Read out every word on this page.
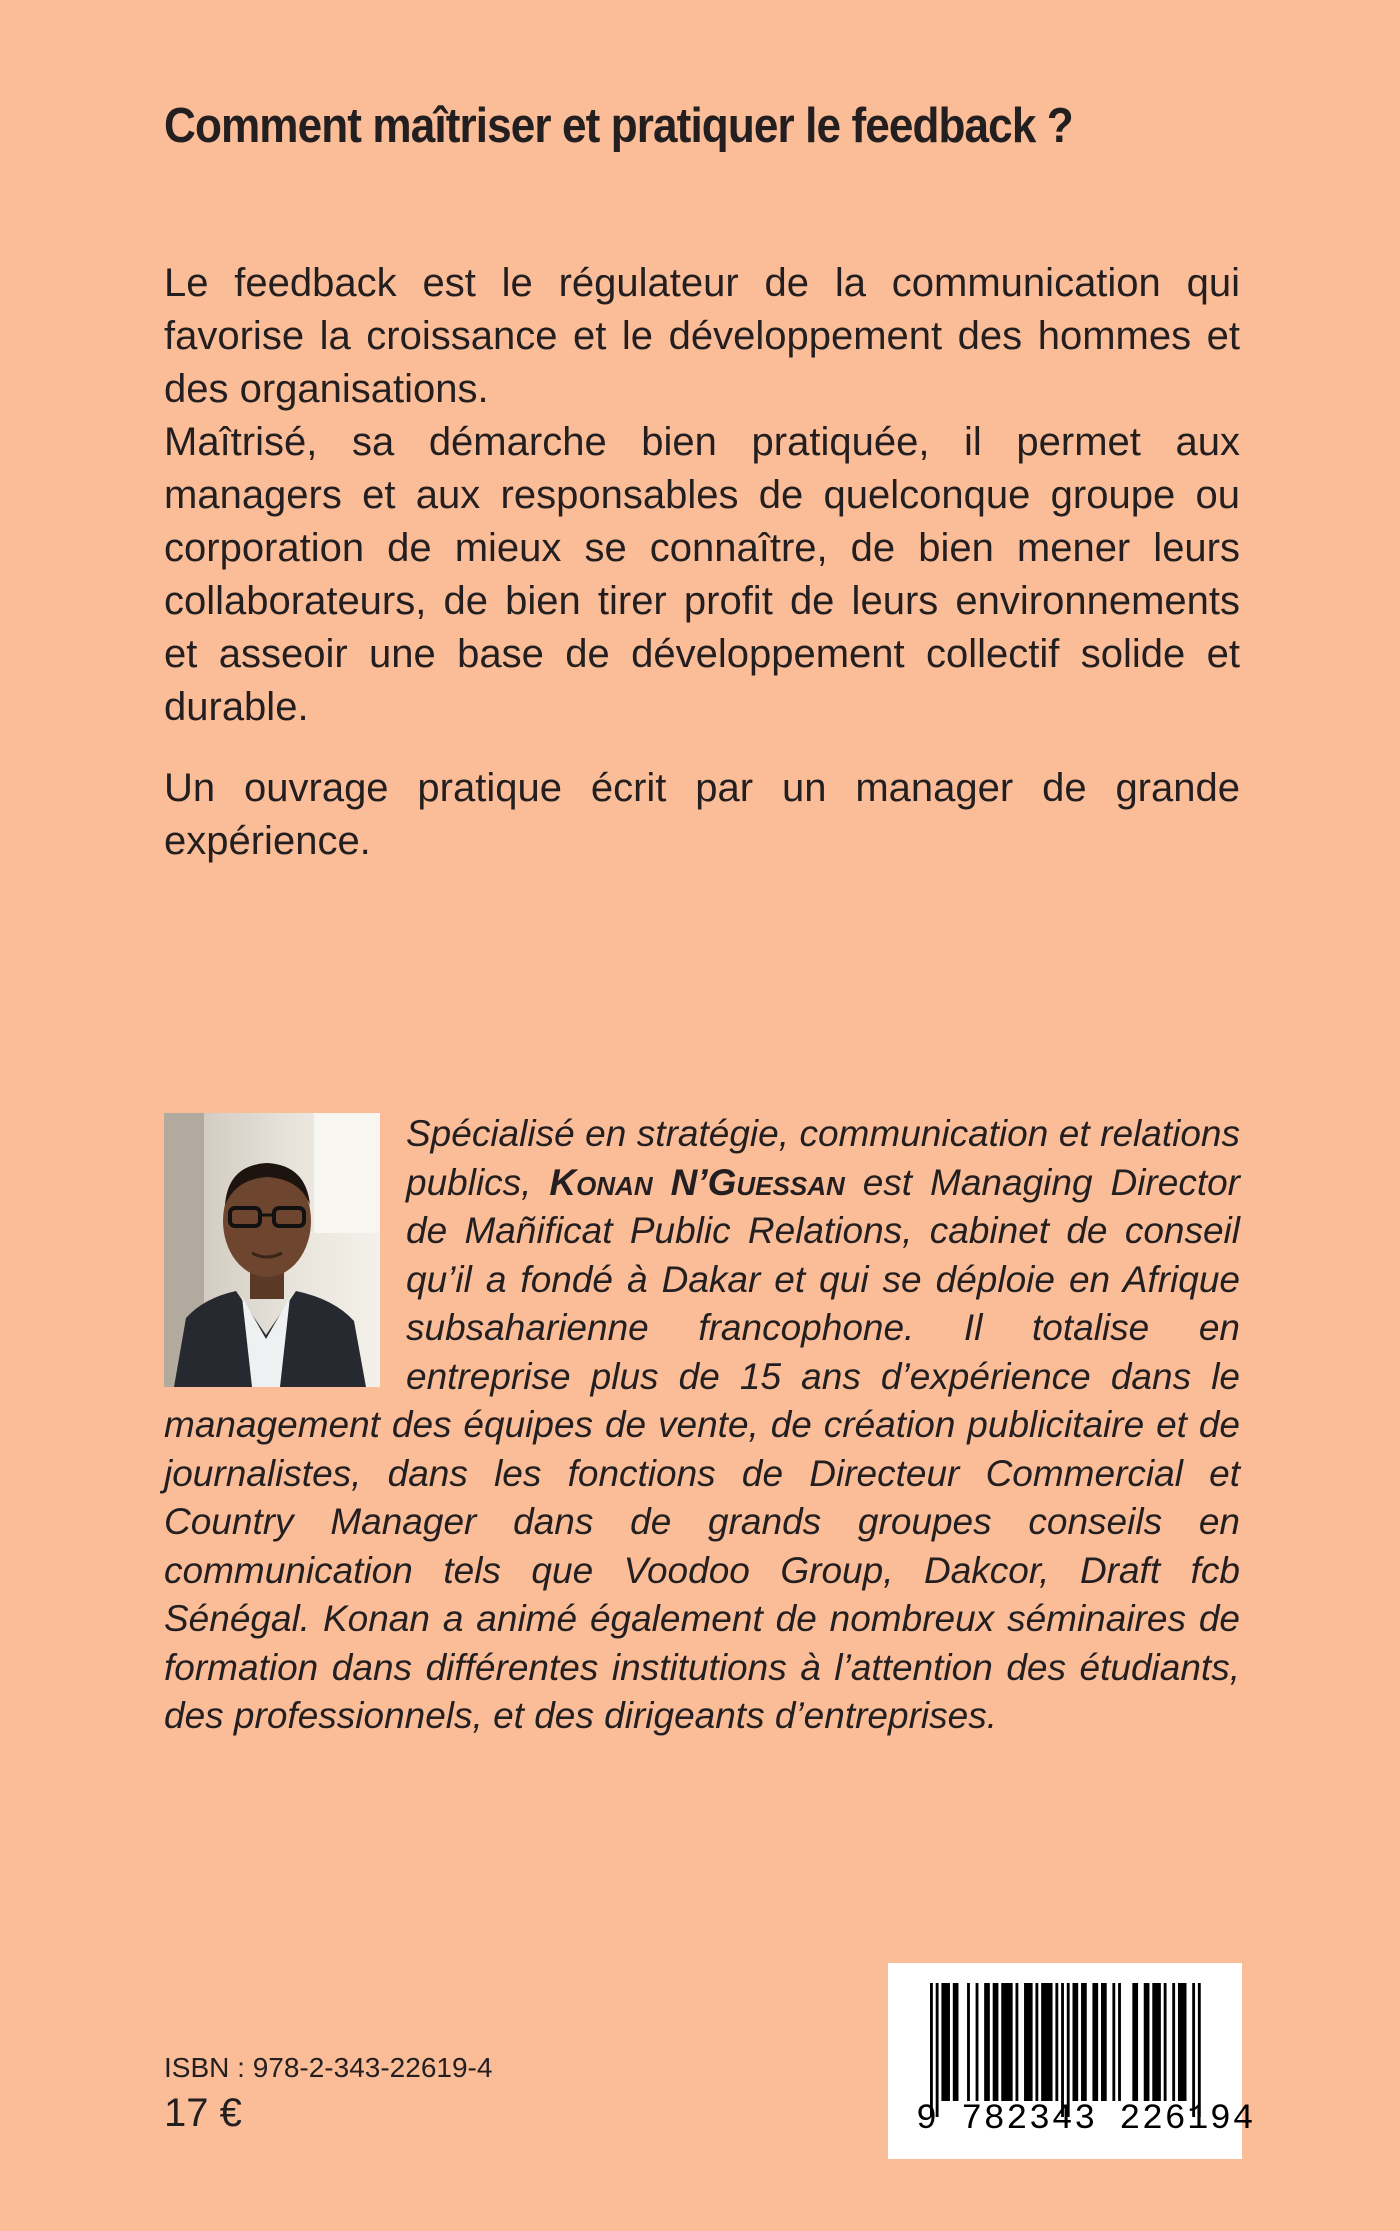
Comment maîtriser et pratiquer le feedback ?

Le feedback est le régulateur de la communication qui favorise la croissance et le développement des hommes et des organisations.

Maîtrisé, sa démarche bien pratiquée, il permet aux managers et aux responsables de quelconque groupe ou corporation de mieux se connaître, de bien mener leurs collaborateurs, de bien tirer profit de leurs environnements et asseoir une base de développement collectif solide et durable.

Un ouvrage pratique écrit par un manager de grande expérience.

Spécialisé en stratégie, communication et relations publics, Konan N’Guessan est Managing Director de Mañificat Public Relations, cabinet de conseil qu’il a fondé à Dakar et qui se déploie en Afrique subsaharienne francophone. Il totalise en entreprise plus de 15 ans d’expérience dans le management des équipes de vente, de création publicitaire et de journalistes, dans les fonctions de Directeur Commercial et Country Manager dans de grands groupes conseils en communication tels que Voodoo Group, Dakcor, Draft fcb Sénégal. Konan a animé également de nombreux séminaires de formation dans différentes institutions à l’attention des étudiants, des professionnels, et des dirigeants d’entreprises.
ISBN : 978-2-343-22619-4
17 €	9 782343 226194
